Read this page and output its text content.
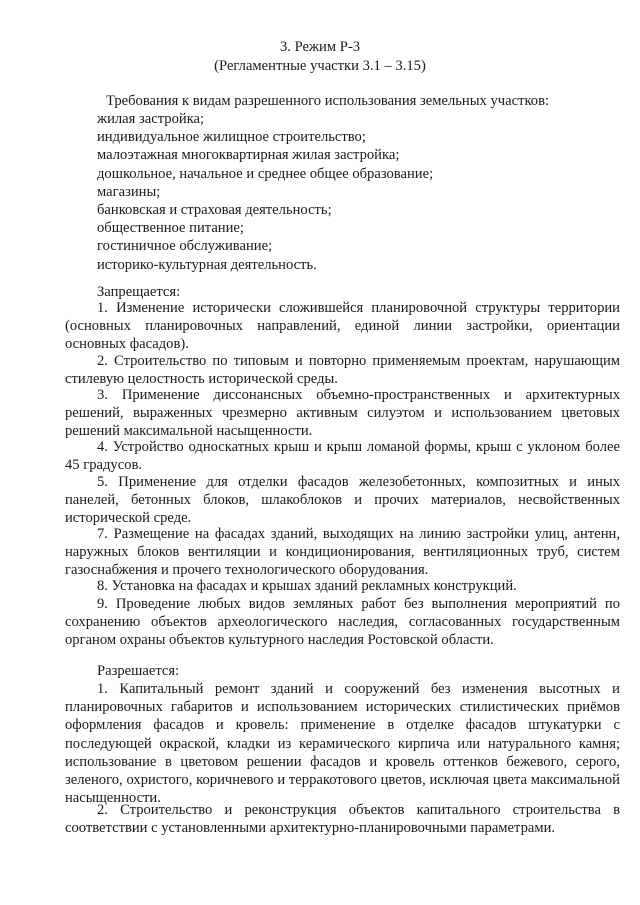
3. Режим Р-3
(Регламентные участки 3.1 – 3.15)
Требования к видам разрешенного использования земельных участков:
жилая застройка;
индивидуальное жилищное строительство;
малоэтажная многоквартирная жилая застройка;
дошкольное, начальное и среднее общее образование;
магазины;
банковская и страховая деятельность;
общественное питание;
гостиничное обслуживание;
историко-культурная деятельность.
Запрещается:
1. Изменение исторически сложившейся планировочной структуры территории (основных планировочных направлений, единой линии застройки, ориентации основных фасадов).
2. Строительство по типовым и повторно применяемым проектам, нарушающим стилевую целостность исторической среды.
3. Применение диссонансных объемно-пространственных и архитектурных решений, выраженных чрезмерно активным силуэтом и использованием цветовых решений максимальной насыщенности.
4. Устройство односкатных крыш и крыш ломаной формы, крыш с уклоном более 45 градусов.
5. Применение для отделки фасадов железобетонных, композитных и иных панелей, бетонных блоков, шлакоблоков и прочих материалов, несвойственных исторической среде.
7. Размещение на фасадах зданий, выходящих на линию застройки улиц, антенн, наружных блоков вентиляции и кондиционирования, вентиляционных труб, систем газоснабжения и прочего технологического оборудования.
8. Установка на фасадах и крышах зданий рекламных конструкций.
9. Проведение любых видов земляных работ без выполнения мероприятий по сохранению объектов археологического наследия, согласованных государственным органом охраны объектов культурного наследия Ростовской области.
Разрешается:
1. Капитальный ремонт зданий и сооружений без изменения высотных и планировочных габаритов и использованием исторических стилистических приёмов оформления фасадов и кровель: применение в отделке фасадов штукатурки с последующей окраской, кладки из керамического кирпича или натурального камня; использование в цветовом решении фасадов и кровель оттенков бежевого, серого, зеленого, охристого, коричневого и терракотового цветов, исключая цвета максимальной насыщенности.
2. Строительство и реконструкция объектов капитального строительства в соответствии с установленными архитектурно-планировочными параметрами.
